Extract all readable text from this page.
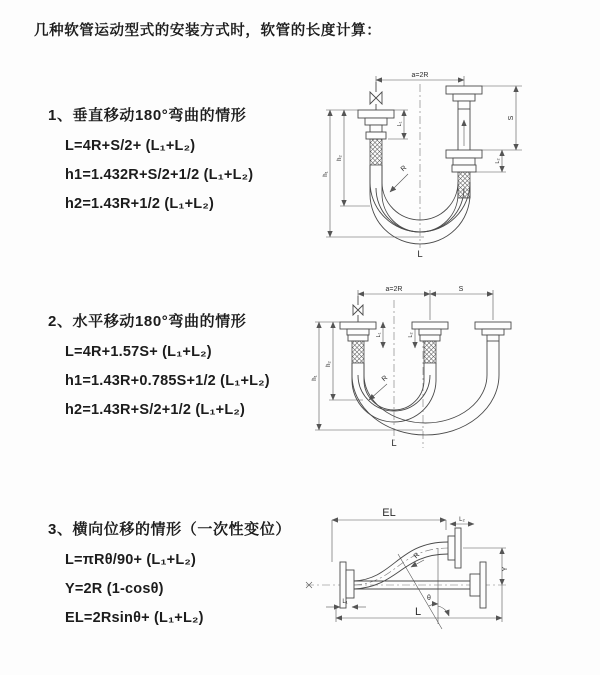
几种软管运动型式的安装方式时，软管的长度计算：
1、垂直移动180°弯曲的情形
L=4R+S/2+ (L₁+L₂)
h1=1.432R+S/2+1/2 (L₁+L₂)
h2=1.43R+1/2 (L₁+L₂)
2、水平移动180°弯曲的情形
L=4R+1.57S+ (L₁+L₂)
h1=1.43R+0.785S+1/2 (L₁+L₂)
h2=1.43R+S/2+1/2 (L₁+L₂)
3、横向位移的情形（一次性变位）
L=πRθ/90+ (L₁+L₂)
Y=2R (1-cosθ)
EL=2Rsinθ+ (L₁+L₂)
a=2R
h₁
h₂
L₁
S
L₂
R
L
a=2R	S
h₁
h₂
L₁	L₂
R
L
EL
L₂
R
Y
θ
L
L₁
